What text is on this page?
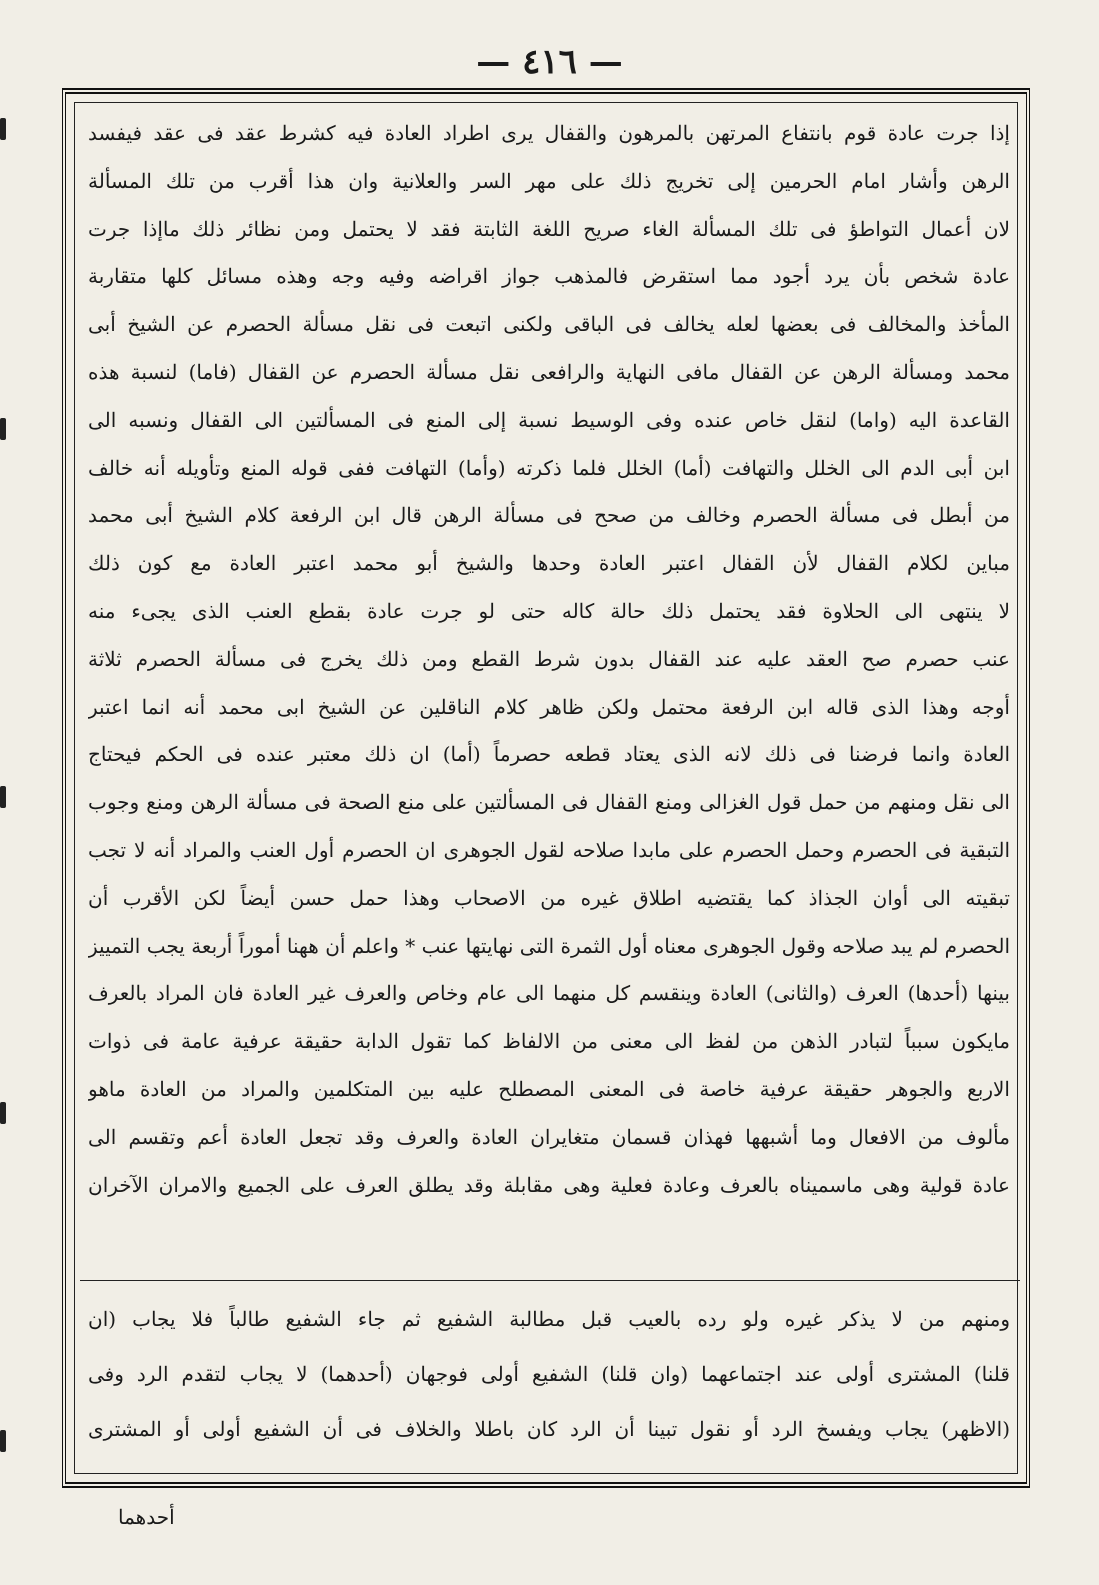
— ٤١٦ —
إذا جرت عادة قوم بانتفاع المرتهن بالمرهون والقفال يرى اطراد العادة فيه كشرط عقد فى عقد فيفسد
الرهن وأشار امام الحرمين إلى تخريج ذلك على مهر السر والعلانية وان هذا أقرب من تلك المسألة
لان أعمال التواطؤ فى تلك المسألة الغاء صريح اللغة الثابتة فقد لا يحتمل ومن نظائر ذلك ماإذا جرت
عادة شخص بأن يرد أجود مما استقرض فالمذهب جواز اقراضه وفيه وجه وهذه مسائل كلها متقاربة
المأخذ والمخالف فى بعضها لعله يخالف فى الباقى ولكنى اتبعت فى نقل مسألة الحصرم عن الشيخ أبى
محمد ومسألة الرهن عن القفال مافى النهاية والرافعى نقل مسألة الحصرم عن القفال (فاما) لنسبة هذه
القاعدة اليه (واما) لنقل خاص عنده وفى الوسيط نسبة إلى المنع فى المسألتين الى القفال ونسبه الى
ابن أبى الدم الى الخلل والتهافت (أما) الخلل فلما ذكرته (وأما) التهافت ففى قوله المنع وتأويله أنه خالف
من أبطل فى مسألة الحصرم وخالف من صحح فى مسألة الرهن قال ابن الرفعة كلام الشيخ أبى محمد
مباين لكلام القفال لأن القفال اعتبر العادة وحدها والشيخ أبو محمد اعتبر العادة مع كون ذلك
لا ينتهى الى الحلاوة فقد يحتمل ذلك حالة كاله حتى لو جرت عادة بقطع العنب الذى يجىء منه
عنب حصرم صح العقد عليه عند القفال بدون شرط القطع ومن ذلك يخرج فى مسألة الحصرم ثلاثة
أوجه وهذا الذى قاله ابن الرفعة محتمل ولكن ظاهر كلام الناقلين عن الشيخ ابى محمد أنه انما اعتبر
العادة وانما فرضنا فى ذلك لانه الذى يعتاد قطعه حصرماً (أما) ان ذلك معتبر عنده فى الحكم فيحتاج
الى نقل ومنهم من حمل قول الغزالى ومنع القفال فى المسألتين على منع الصحة فى مسألة الرهن ومنع وجوب
التبقية فى الحصرم وحمل الحصرم على مابدا صلاحه لقول الجوهرى ان الحصرم أول العنب والمراد أنه لا تجب
تبقيته الى أوان الجذاذ كما يقتضيه اطلاق غيره من الاصحاب وهذا حمل حسن أيضاً لكن الأقرب أن
الحصرم لم يبد صلاحه وقول الجوهرى معناه أول الثمرة التى نهايتها عنب * واعلم أن ههنا أموراً أربعة يجب التمييز
بينها (أحدها) العرف (والثانى) العادة وينقسم كل منهما الى عام وخاص والعرف غير العادة فان المراد بالعرف
مايكون سبباً لتبادر الذهن من لفظ الى معنى من الالفاظ كما تقول الدابة حقيقة عرفية عامة فى ذوات
الاربع والجوهر حقيقة عرفية خاصة فى المعنى المصطلح عليه بين المتكلمين والمراد من العادة ماهو
مألوف من الافعال وما أشبهها فهذان قسمان متغايران العادة والعرف وقد تجعل العادة أعم وتقسم الى
عادة قولية وهى ماسميناه بالعرف وعادة فعلية وهى مقابلة وقد يطلق العرف على الجميع والامران الآخران
ومنهم من لا يذكر غيره ولو رده بالعيب قبل مطالبة الشفيع ثم جاء الشفيع طالباً فلا يجاب (ان
قلنا) المشترى أولى عند اجتماعهما (وان قلنا) الشفيع أولى فوجهان (أحدهما) لا يجاب لتقدم الرد وفى
(الاظهر) يجاب ويفسخ الرد أو نقول تبينا أن الرد كان باطلا والخلاف فى أن الشفيع أولى أو المشترى
أحدهما
